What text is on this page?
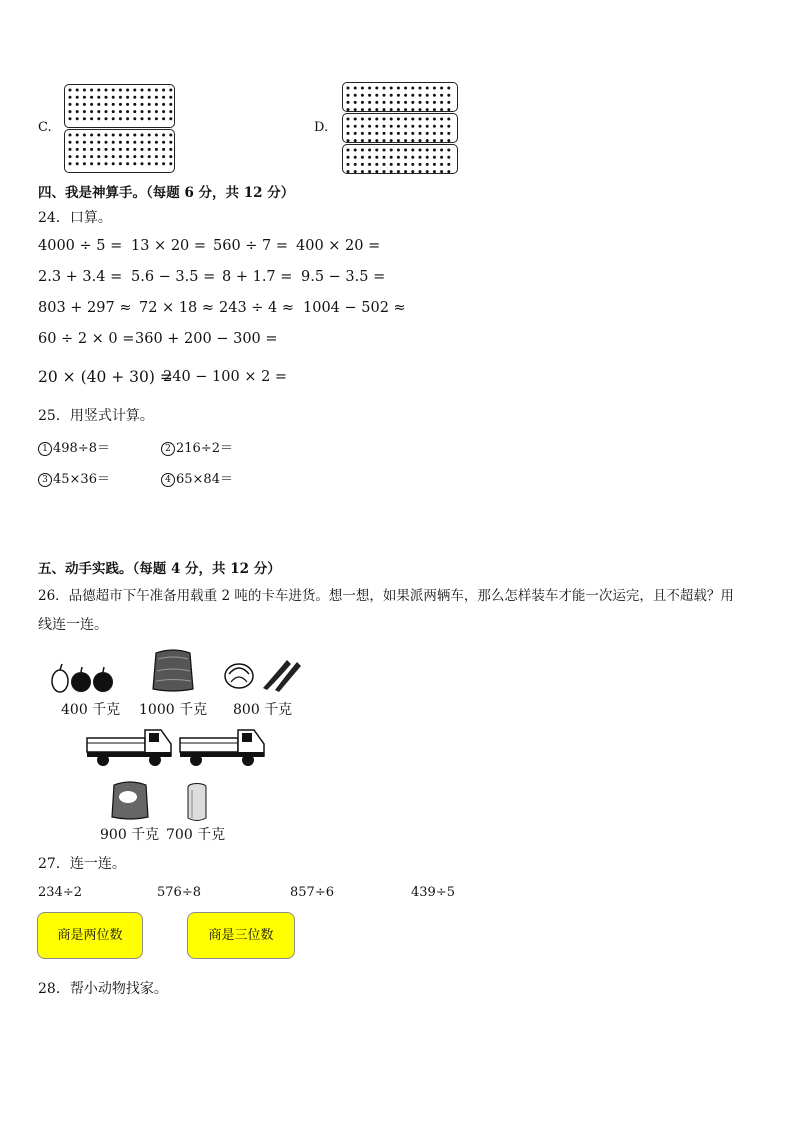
C.	D.
四、我是神算手。（每题 6 分，共 12 分）
24．口算。
4000 ÷ 5 = 13 × 20 = 560 ÷ 7 = 400 × 20 =
2.3 + 3.4 = 5.6 − 3.5 = 8 + 1.7 = 9.5 − 3.5 =
803 + 297 ≈ 72 × 18 ≈ 243 ÷ 4 ≈ 1004 − 502 ≈
60 ÷ 2 × 0 = 360 + 200 − 300 =
20 × (40 + 30) =
240 − 100 × 2 =
25．用竖式计算。
1 498÷8＝	2 216÷2＝
3 45×36＝	4 65×84＝
五、动手实践。（每题 4 分，共 12 分）
26．品德超市下午准备用载重 2 吨的卡车进货。想一想，如果派两辆车，那么怎样装车才能一次运完，且不超载？用
线连一连。
400 千克 1000 千克 800 千克
900 千克 700 千克
27．连一连。
234÷2	576÷8	857÷6	439÷5
商是两位数	商是三位数
28．帮小动物找家。
